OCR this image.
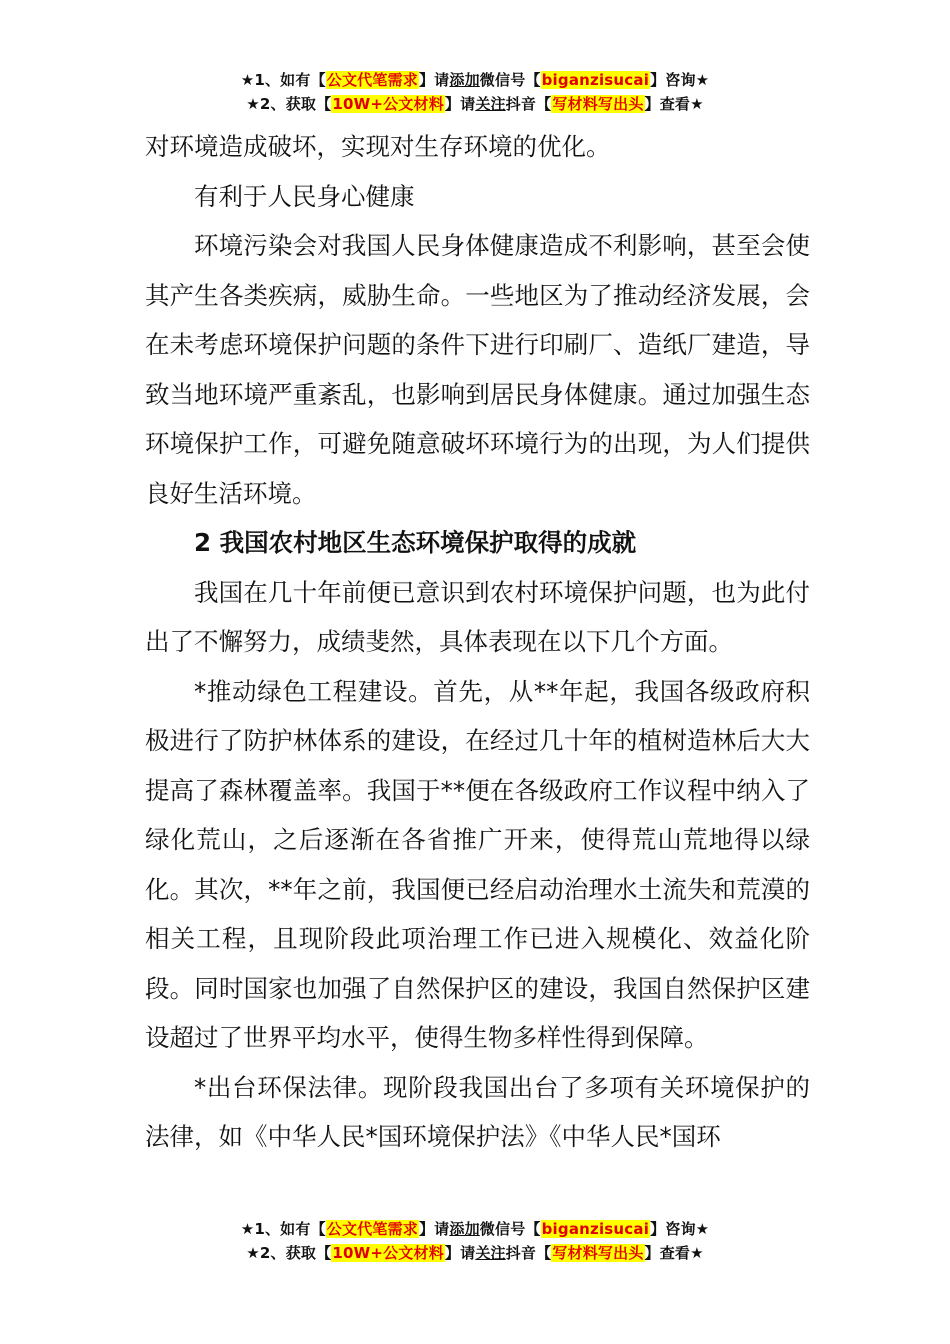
★1、如有【公文代笔需求】请添加微信号【biganzisucai】咨询★
★2、获取【10W+公文材料】请关注抖音【写材料写出头】查看★

对环境造成破坏，实现对生存环境的优化。

有利于人民身心健康

环境污染会对我国人民身体健康造成不利影响，甚至会使其产生各类疾病，威胁生命。一些地区为了推动经济发展，会在未考虑环境保护问题的条件下进行印刷厂、造纸厂建造，导致当地环境严重紊乱，也影响到居民身体健康。通过加强生态环境保护工作，可避免随意破坏环境行为的出现，为人们提供良好生活环境。

2 我国农村地区生态环境保护取得的成就

我国在几十年前便已意识到农村环境保护问题，也为此付出了不懈努力，成绩斐然，具体表现在以下几个方面。

*推动绿色工程建设。首先，从**年起，我国各级政府积极进行了防护林体系的建设，在经过几十年的植树造林后大大提高了森林覆盖率。我国于**便在各级政府工作议程中纳入了绿化荒山，之后逐渐在各省推广开来，使得荒山荒地得以绿化。其次，**年之前，我国便已经启动治理水土流失和荒漠的相关工程，且现阶段此项治理工作已进入规模化、效益化阶段。同时国家也加强了自然保护区的建设，我国自然保护区建设超过了世界平均水平，使得生物多样性得到保障。

*出台环保法律。现阶段我国出台了多项有关环境保护的法律，如《中华人民*国环境保护法》《中华人民*国环

★1、如有【公文代笔需求】请添加微信号【biganzisucai】咨询★
★2、获取【10W+公文材料】请关注抖音【写材料写出头】查看★
